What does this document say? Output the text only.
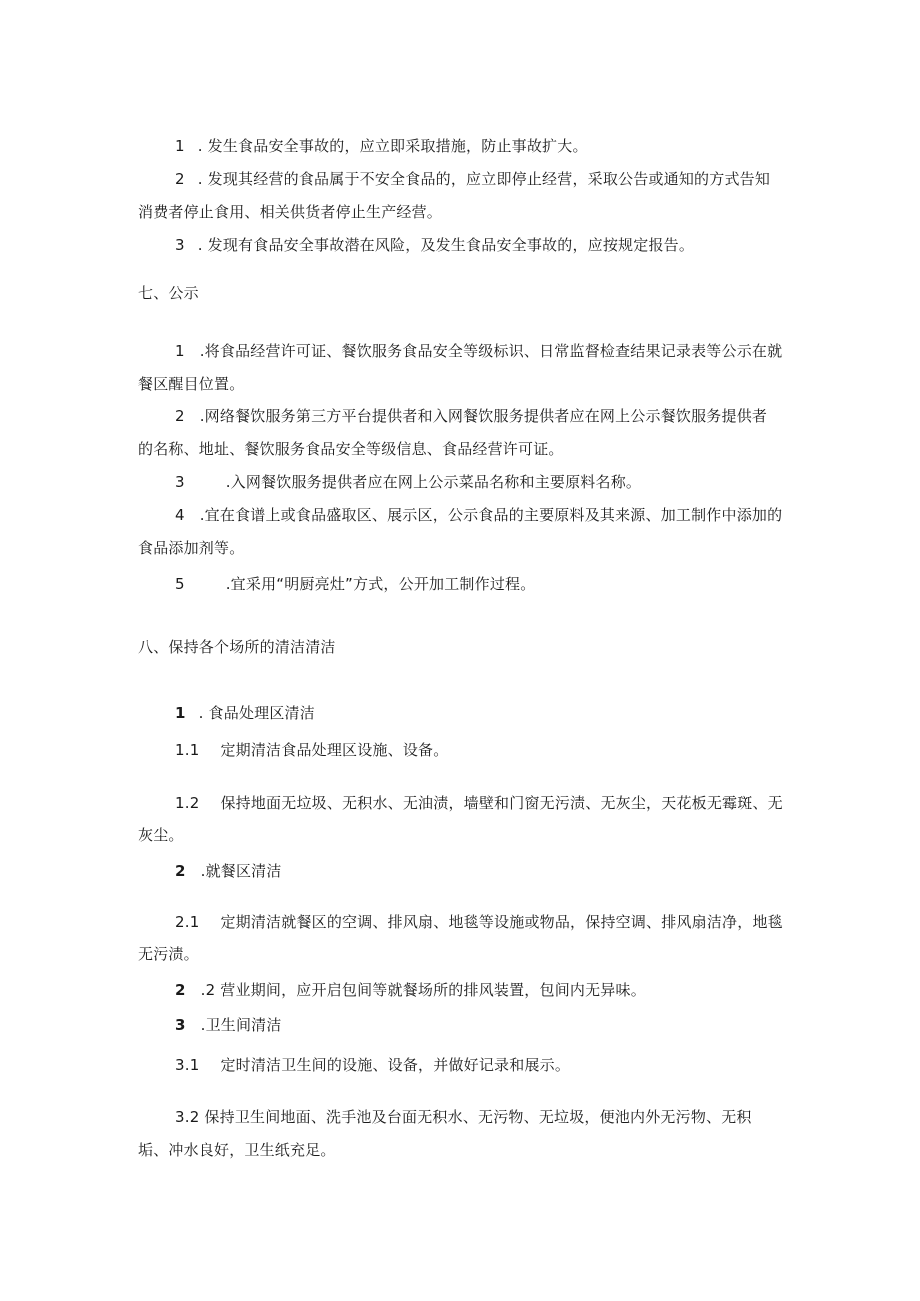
1 . 发生食品安全事故的，应立即采取措施，防止事故扩大。
2 . 发现其经营的食品属于不安全食品的，应立即停止经营，采取公告或通知的方式告知
消费者停止食用、相关供货者停止生产经营。
3 . 发现有食品安全事故潜在风险，及发生食品安全事故的，应按规定报告。
七、公示
1 .将食品经营许可证、餐饮服务食品安全等级标识、日常监督检查结果记录表等公示在就
餐区醒目位置。
2 .网络餐饮服务第三方平台提供者和入网餐饮服务提供者应在网上公示餐饮服务提供者
的名称、地址、餐饮服务食品安全等级信息、食品经营许可证。
3	.入网餐饮服务提供者应在网上公示菜品名称和主要原料名称。
4 .宜在食谱上或食品盛取区、展示区，公示食品的主要原料及其来源、加工制作中添加的
食品添加剂等。
5	.宜采用“明厨亮灶”方式，公开加工制作过程。
八、保持各个场所的清洁清洁
1 . 食品处理区清洁
1.1 定期清洁食品处理区设施、设备。
1.2 保持地面无垃圾、无积水、无油渍，墙壁和门窗无污渍、无灰尘，天花板无霉斑、无
灰尘。
2 .就餐区清洁
2.1 定期清洁就餐区的空调、排风扇、地毯等设施或物品，保持空调、排风扇洁净，地毯
无污渍。
2 .2 营业期间，应开启包间等就餐场所的排风装置，包间内无异味。
3 .卫生间清洁
3.1 定时清洁卫生间的设施、设备，并做好记录和展示。
3.2 保持卫生间地面、洗手池及台面无积水、无污物、无垃圾，便池内外无污物、无积
垢、冲水良好，卫生纸充足。
